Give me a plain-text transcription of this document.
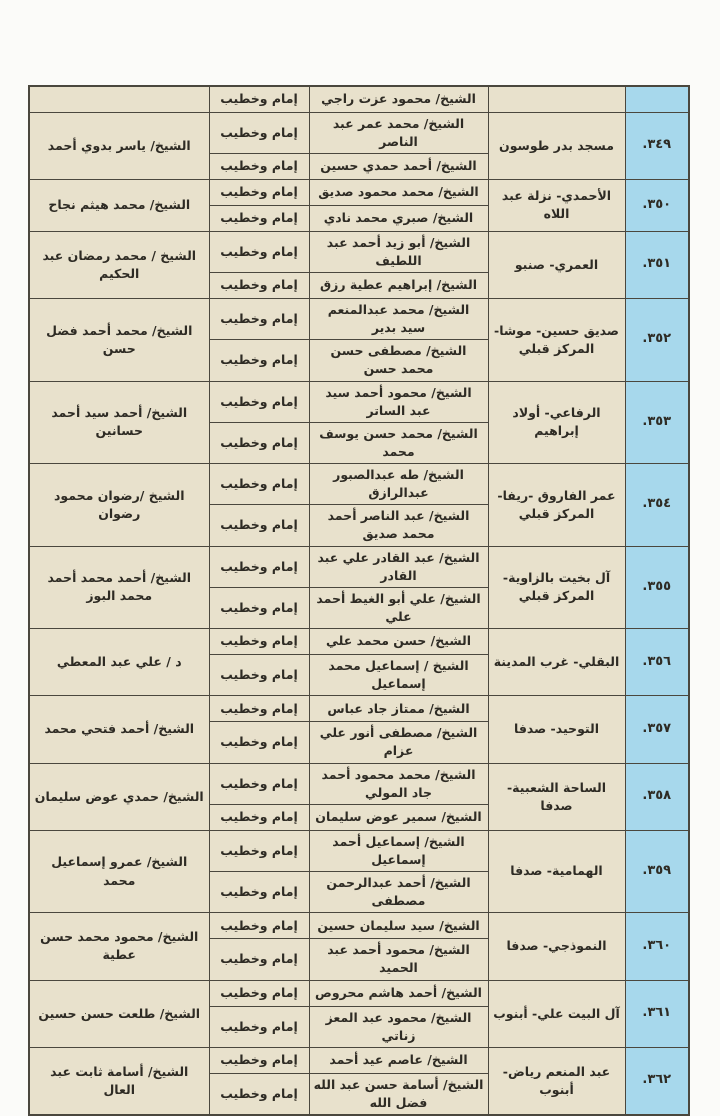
		الشيخ/ محمود عزت راجي	إمام وخطيب	
٣٤٩.	مسجد بدر طوسون	الشيخ/ محمد عمر عبد الناصر	إمام وخطيب	الشيخ/ ياسر بدوي أحمد
		الشيخ/ أحمد حمدي حسين	إمام وخطيب	
٣٥٠.	الأحمدي- نزلة عبد اللاه	الشيخ/ محمد محمود صديق	إمام وخطيب	الشيخ/ محمد هيثم نجاح
		الشيخ/ صبري محمد نادي	إمام وخطيب	
٣٥١.	العمري- صنبو	الشيخ/ أبو زيد أحمد عبد اللطيف	إمام وخطيب	الشيخ / محمد رمضان عبد الحكيم
		الشيخ/ إبراهيم عطية رزق	إمام وخطيب	
٣٥٢.	صديق حسين- موشا- المركز قبلي	الشيخ/ محمد عبدالمنعم سيد بدير	إمام وخطيب	الشيخ/ محمد أحمد فضل حسن
		الشيخ/ مصطفى حسن محمد حسن	إمام وخطيب	
٣٥٣.	الرفاعي- أولاد إبراهيم	الشيخ/ محمود أحمد سيد عبد الساتر	إمام وخطيب	الشيخ/ أحمد سيد أحمد حسانين
		الشيخ/ محمد حسن يوسف محمد	إمام وخطيب	
٣٥٤.	عمر الفاروق -ريفا- المركز قبلي	الشيخ/ طه عبدالصبور عبدالرازق	إمام وخطيب	الشيخ /رضوان محمود رضوان
		الشيخ/ عبد الناصر أحمد محمد صديق	إمام وخطيب	
٣٥٥.	آل بخيت بالزاوية- المركز قبلي	الشيخ/ عبد القادر علي عبد القادر	إمام وخطيب	الشيخ/ أحمد محمد أحمد محمد البوز
		الشيخ/ علي أبو الغيط أحمد علي	إمام وخطيب	
٣٥٦.	البقلي- غرب المدينة	الشيخ/ حسن محمد علي	إمام وخطيب	د / علي عبد المعطي
		الشيخ / إسماعيل محمد إسماعيل	إمام وخطيب	
٣٥٧.	التوحيد- صدفا	الشيخ/ ممتاز جاد عباس	إمام وخطيب	الشيخ/ أحمد فتحي محمد
		الشيخ/ مصطفى أنور علي عزام	إمام وخطيب	
٣٥٨.	الساحة الشعبية- صدفا	الشيخ/ محمد محمود أحمد جاد المولي	إمام وخطيب	الشيخ/ حمدي عوض سليمان
		الشيخ/ سمير عوض سليمان	إمام وخطيب	
٣٥٩.	الهمامية- صدفا	الشيخ/ إسماعيل أحمد إسماعيل	إمام وخطيب	الشيخ/ عمرو إسماعيل محمد
		الشيخ/ أحمد عبدالرحمن مصطفى	إمام وخطيب	
٣٦٠.	النموذجي- صدفا	الشيخ/ سيد سليمان حسين	إمام وخطيب	الشيخ/ محمود محمد حسن عطية
		الشيخ/ محمود أحمد عبد الحميد	إمام وخطيب	
٣٦١.	آل البيت علي- أبنوب	الشيخ/ أحمد هاشم محروص	إمام وخطيب	الشيخ/ طلعت حسن حسين
		الشيخ/ محمود عبد المعز زناتي	إمام وخطيب	
٣٦٢.	عبد المنعم رياض- أبنوب	الشيخ/ عاصم عيد أحمد	إمام وخطيب	الشيخ/ أسامة ثابت عبد العال
		الشيخ/ أسامة حسن عبد الله فضل الله	إمام وخطيب	
